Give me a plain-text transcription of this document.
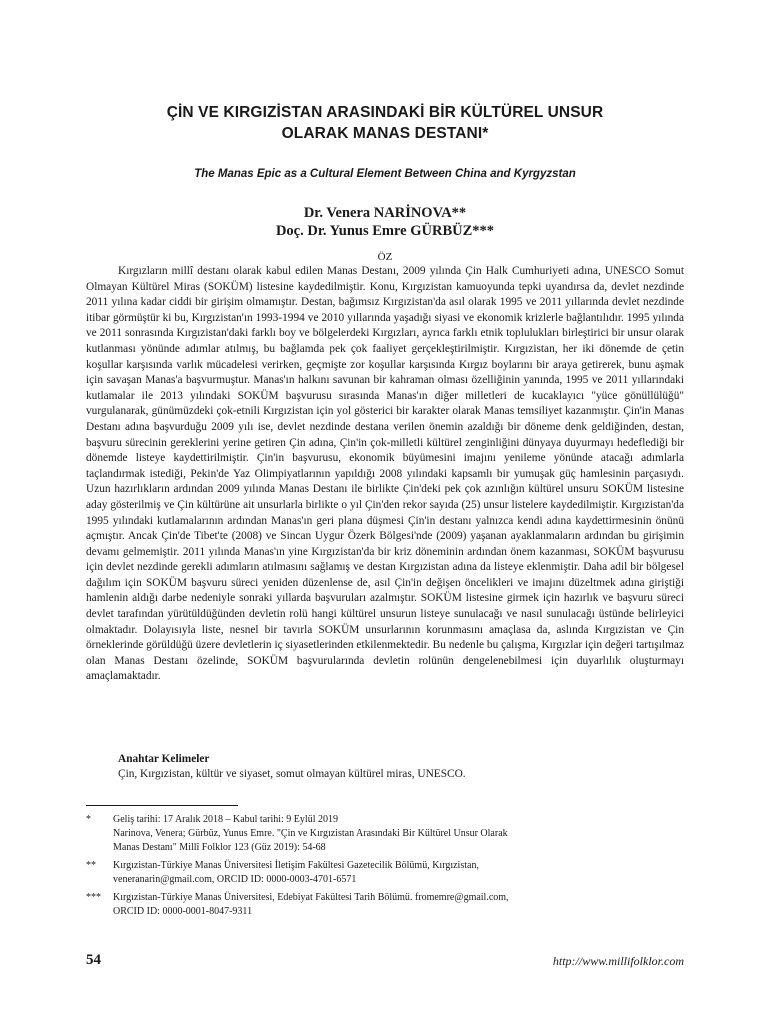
ÇİN VE KIRGIZİSTAN ARASINDAKİ BİR KÜLTÜREL UNSUR
OLARAK MANAS DESTANI*
The Manas Epic as a Cultural Element Between China and Kyrgyzstan
Dr. Venera NARİNOVA**
Doç. Dr. Yunus Emre GÜRBÜZ***
ÖZ

Kırgızların millî destanı olarak kabul edilen Manas Destanı, 2009 yılında Çin Halk Cumhuriyeti adına, UNESCO Somut Olmayan Kültürel Miras (SOKÜM) listesine kaydedilmiştir. Konu, Kırgızistan kamuoyunda tepki uyandırsa da, devlet nezdinde 2011 yılına kadar ciddi bir girişim olmamıştır. Destan, bağımsız Kırgızistan'da asıl olarak 1995 ve 2011 yıllarında devlet nezdinde itibar görmüştür ki bu, Kırgızistan'ın 1993-1994 ve 2010 yıllarında yaşadığı siyasi ve ekonomik krizlerle bağlantılıdır. 1995 yılında ve 2011 sonrasında Kırgızistan'daki farklı boy ve bölgelerdeki Kırgızları, ayrıca farklı etnik toplulukları birleştirici bir unsur olarak kutlanması yönünde adımlar atılmış, bu bağlamda pek çok faaliyet gerçekleştirilmiştir. Kırgızistan, her iki dönemde de çetin koşullar karşısında varlık mücadelesi verirken, geçmişte zor koşullar karşısında Kırgız boylarını bir araya getirerek, bunu aşmak için savaşan Manas'a başvurmuştur. Manas'ın halkını savunan bir kahraman olması özelliğinin yanında, 1995 ve 2011 yıllarındaki kutlamalar ile 2013 yılındaki SOKÜM başvurusu sırasında Manas'ın diğer milletleri de kucaklayıcı "yüce gönüllülüğü" vurgulanarak, günümüzdeki çok-etnili Kırgızistan için yol gösterici bir karakter olarak Manas temsiliyet kazanmıştır. Çin'in Manas Destanı adına başvurduğu 2009 yılı ise, devlet nezdinde destana verilen önemin azaldığı bir döneme denk geldiğinden, destan, başvuru sürecinin gereklerini yerine getiren Çin adına, Çin'in çok-milletli kültürel zenginliğini dünyaya duyurmayı hedeflediği bir dönemde listeye kaydettirilmiştir. Çin'in başvurusu, ekonomik büyümesini imajını yenileme yönünde atacağı adımlarla taçlandırmak istediği, Pekin'de Yaz Olimpiyatlarının yapıldığı 2008 yılındaki kapsamlı bir yumuşak güç hamlesinin parçasıydı. Uzun hazırlıkların ardından 2009 yılında Manas Destanı ile birlikte Çin'deki pek çok azınlığın kültürel unsuru SOKÜM listesine aday gösterilmiş ve Çin kültürüne ait unsurlarla birlikte o yıl Çin'den rekor sayıda (25) unsur listelere kaydedilmiştir. Kırgızistan'da 1995 yılındaki kutlamalarının ardından Manas'ın geri plana düşmesi Çin'in destanı yalnızca kendi adına kaydettirmesinin önünü açmıştır. Ancak Çin'de Tibet'te (2008) ve Sincan Uygur Özerk Bölgesi'nde (2009) yaşanan ayaklanmaların ardından bu girişimin devamı gelmemiştir. 2011 yılında Manas'ın yine Kırgızistan'da bir kriz döneminin ardından önem kazanması, SOKÜM başvurusu için devlet nezdinde gerekli adımların atılmasını sağlamış ve destan Kırgızistan adına da listeye eklenmiştir. Daha adil bir bölgesel dağılım için SOKÜM başvuru süreci yeniden düzenlense de, asıl Çin'in değişen öncelikleri ve imajını düzeltmek adına giriştiği hamlenin aldığı darbe nedeniyle sonraki yıllarda başvuruları azalmıştır. SOKÜM listesine girmek için hazırlık ve başvuru süreci devlet tarafından yürütüldüğünden devletin rolü hangi kültürel unsurun listeye sunulacağı ve nasıl sunulacağı üstünde belirleyici olmaktadır. Dolayısıyla liste, nesnel bir tavırla SOKÜM unsurlarının korunmasını amaçlasa da, aslında Kırgızistan ve Çin örneklerinde görüldüğü üzere devletlerin iç siyasetlerinden etkilenmektedir. Bu nedenle bu çalışma, Kırgızlar için değeri tartışılmaz olan Manas Destanı özelinde, SOKÜM başvurularında devletin rolünün dengelenebilmesi için duyarlılık oluşturmayı amaçlamaktadır.

Anahtar Kelimeler
Çin, Kırgızistan, kültür ve siyaset, somut olmayan kültürel miras, UNESCO.
* Geliş tarihi: 17 Aralık 2018 – Kabul tarihi: 9 Eylül 2019
Narinova, Venera; Gürbüz, Yunus Emre. "Çin ve Kırgızistan Arasındaki Bir Kültürel Unsur Olarak
Manas Destanı" Millî Folklor 123 (Güz 2019): 54-68
** Kırgızistan-Türkiye Manas Üniversitesi İletişim Fakültesi Gazetecilik Bölümü, Kırgızistan,
veneranarin@gmail.com, ORCID ID: 0000-0003-4701-6571
*** Kırgızistan-Türkiye Manas Üniversitesi, Edebiyat Fakültesi Tarih Bölümü. fromemre@gmail.com,
ORCID ID: 0000-0001-8047-9311
54	http://www.millifolklor.com
